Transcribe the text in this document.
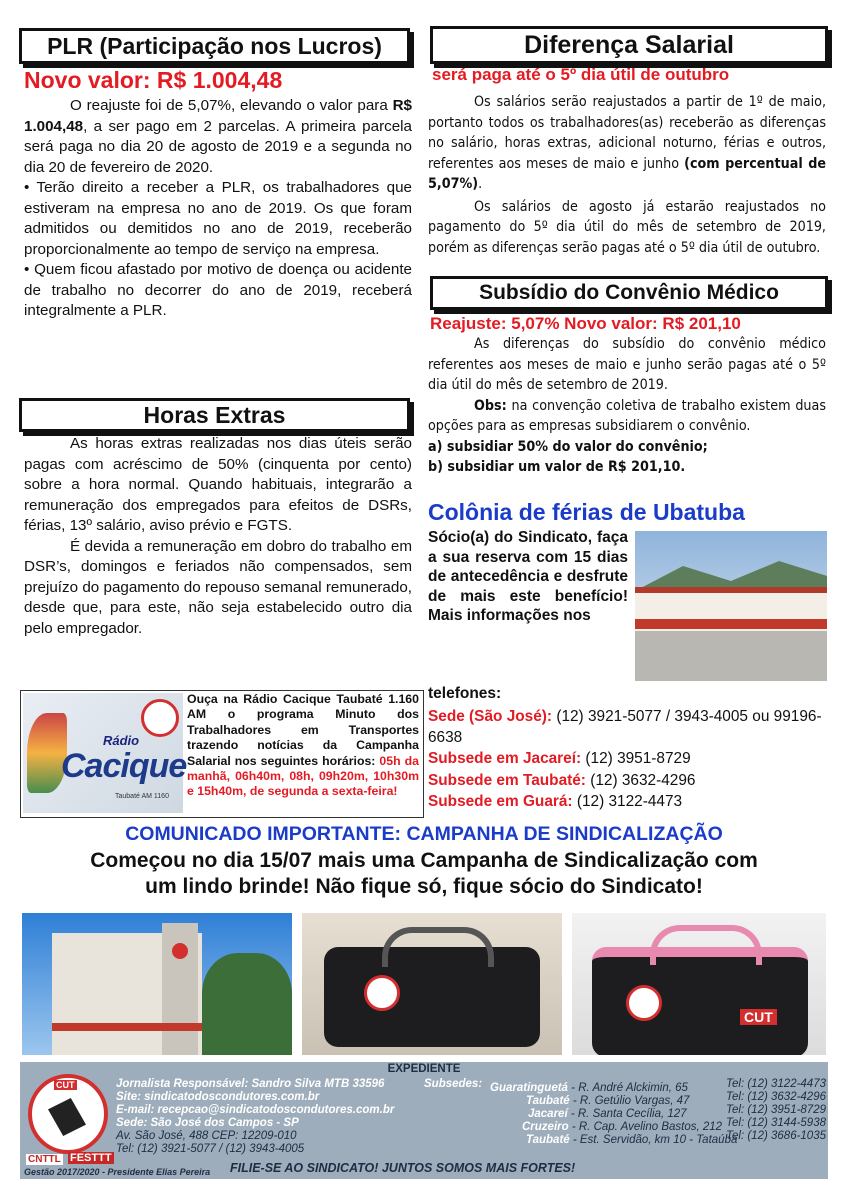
PLR (Participação nos Lucros)
Novo valor: R$ 1.004,48

O reajuste foi de 5,07%, elevando o valor para R$ 1.004,48, a ser pago em 2 parcelas. A primeira parcela será paga no dia 20 de agosto de 2019 e a segunda no dia 20 de fevereiro de 2020.

• Terão direito a receber a PLR, os trabalhadores que estiveram na empresa no ano de 2019. Os que foram admitidos ou demitidos no ano de 2019, receberão proporcionalmente ao tempo de serviço na empresa.

• Quem ficou afastado por motivo de doença ou acidente de trabalho no decorrer do ano de 2019, receberá integralmente a PLR.

Horas Extras

As horas extras realizadas nos dias úteis serão pagas com acréscimo de 50% (cinquenta por cento) sobre a hora normal. Quando habituais, integrarão a remuneração dos empregados para efeitos de DSRs, férias, 13º salário, aviso prévio e FGTS.

É devida a remuneração em dobro do trabalho em DSR’s, domingos e feriados não compensados, sem prejuízo do pagamento do repouso semanal remunerado, desde que, para este, não seja estabelecido outro dia pelo empregador.

Rádio
Cacique
Taubaté AM 1160
Ouça na Rádio Cacique Taubaté 1.160 AM o programa Minuto dos Trabalhadores em Transportes trazendo notícias da Campanha Salarial nos seguintes horários: 05h da manhã, 06h40m, 08h, 09h20m, 10h30m e 15h40m, de segunda a sexta-feira!
Diferença Salarial
será paga até o 5º dia útil de outubro

Os salários serão reajustados a partir de 1º de maio, portanto todos os trabalhadores(as) receberão as diferenças no salário, horas extras, adicional noturno, férias e outros, referentes aos meses de maio e junho (com percentual de 5,07%).

Os salários de agosto já estarão reajustados no pagamento do 5º dia útil do mês de setembro de 2019, porém as diferenças serão pagas até o 5º dia útil de outubro.

Subsídio do Convênio Médico
Reajuste: 5,07% Novo valor: R$ 201,10

As diferenças do subsídio do convênio médico referentes aos meses de maio e junho serão pagas até o 5º dia útil do mês de setembro de 2019.

Obs: na convenção coletiva de trabalho existem duas opções para as empresas subsidiarem o convênio.

a) subsidiar 50% do valor do convênio;

b) subsidiar um valor de R$ 201,10.

Colônia de férias de Ubatuba
Sócio(a) do Sindicato, faça a sua reserva com 15 dias de antecedência e desfrute de mais este benefício! Mais informações nos
telefones:
Sede (São José): (12) 3921-5077 / 3943-4005 ou 99196-6638
Subsede em Jacareí: (12) 3951-8729
Subsede em Taubaté: (12) 3632-4296
Subsede em Guará: (12) 3122-4473
COMUNICADO IMPORTANTE: CAMPANHA DE SINDICALIZAÇÃO
Começou no dia 15/07 mais uma Campanha de Sindicalização com
um lindo brinde! Não fique só, fique sócio do Sindicato!
CUT
EXPEDIENTE
CUT
CNTTL FESTTT
Jornalista Responsável: Sandro Silva MTB 33596
Site: sindicatodoscondutores.com.br
E-mail: recepcao@sindicatodoscondutores.com.br
Sede: São José dos Campos - SP
Av. São José, 488 CEP: 12209-010
Tel: (12) 3921-5077 / (12) 3943-4005
Subsedes: Guaratinguetá - R. André Alckimin, 65	Tel: (12) 3122-4473
Taubaté - R. Getúlio Vargas, 47	Tel: (12) 3632-4296
Jacareí - R. Santa Cecília, 127	Tel: (12) 3951-8729
Cruzeiro - R. Cap. Avelino Bastos, 212 Tel: (12) 3144-5938
Taubaté - Est. Servidão, km 10 - Tataúba
Tel: (12) 3686-1035
Gestão 2017/2020 - Presidente Elias Pereira FILIE-SE AO SINDICATO! JUNTOS SOMOS MAIS FORTES!
